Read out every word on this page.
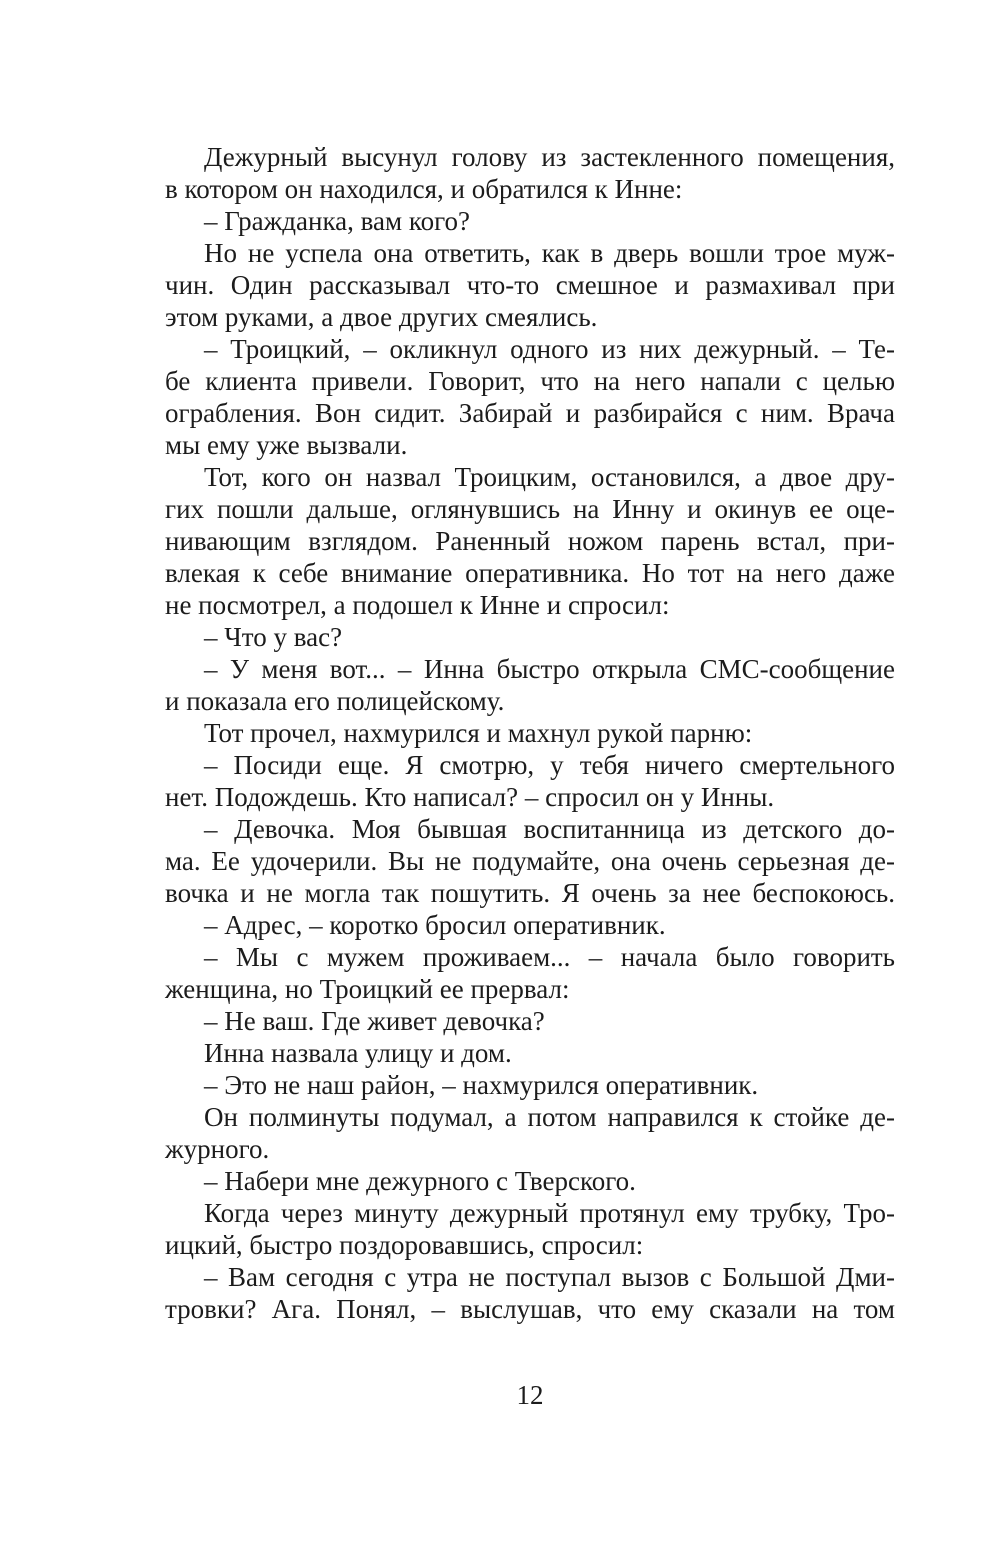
Дежурный высунул голову из застекленного помещения,
в котором он находился, и обратился к Инне:
– Гражданка, вам кого?
Но не успела она ответить, как в дверь вошли трое муж-
чин. Один рассказывал что-то смешное и размахивал при
этом руками, а двое других смеялись.
– Троицкий, – окликнул одного из них дежурный. – Те-
бе клиента привели. Говорит, что на него напали с целью
ограбления. Вон сидит. Забирай и разбирайся с ним. Врача
мы ему уже вызвали.
Тот, кого он назвал Троицким, остановился, а двое дру-
гих пошли дальше, оглянувшись на Инну и окинув ее оце-
нивающим взглядом. Раненный ножом парень встал, при-
влекая к себе внимание оперативника. Но тот на него даже
не посмотрел, а подошел к Инне и спросил:
– Что у вас?
– У меня вот... – Инна быстро открыла СМС-сообщение
и показала его полицейскому.
Тот прочел, нахмурился и махнул рукой парню:
– Посиди еще. Я смотрю, у тебя ничего смертельного
нет. Подождешь. Кто написал? – спросил он у Инны.
– Девочка. Моя бывшая воспитанница из детского до-
ма. Ее удочерили. Вы не подумайте, она очень серьезная де-
вочка и не могла так пошутить. Я очень за нее беспокоюсь.
– Адрес, – коротко бросил оперативник.
– Мы с мужем проживаем... – начала было говорить
женщина, но Троицкий ее прервал:
– Не ваш. Где живет девочка?
Инна назвала улицу и дом.
– Это не наш район, – нахмурился оперативник.
Он полминуты подумал, а потом направился к стойке де-
журного.
– Набери мне дежурного с Тверского.
Когда через минуту дежурный протянул ему трубку, Тро-
ицкий, быстро поздоровавшись, спросил:
– Вам сегодня с утра не поступал вызов с Большой Дми-
тровки? Ага. Понял, – выслушав, что ему сказали на том
12
